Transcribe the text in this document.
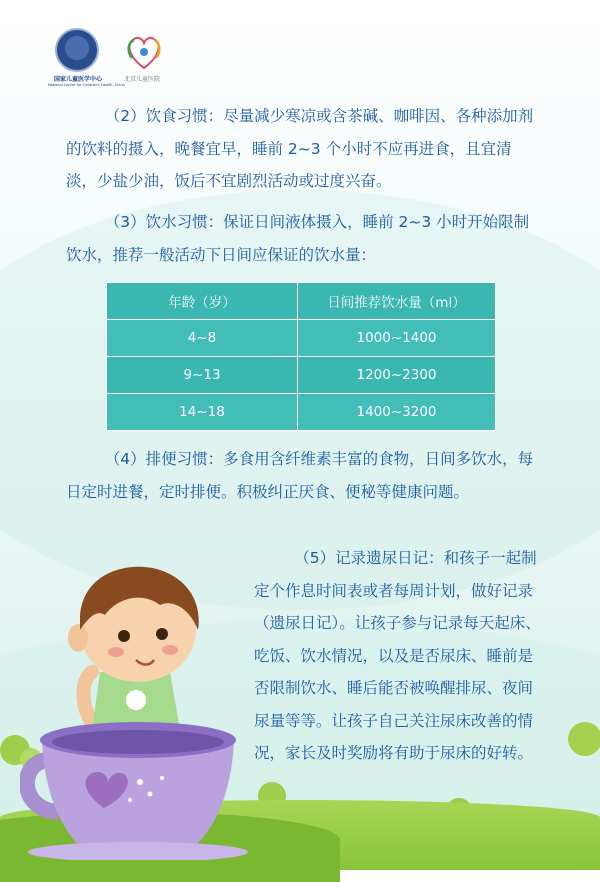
国家儿童医学中心
National Center for Children's Health, China
北京儿童医院

（2）饮食习惯：尽量减少寒凉或含茶碱、咖啡因、各种添加剂的饮料的摄入，晚餐宜早，睡前 2~3 个小时不应再进食，且宜清淡，少盐少油，饭后不宜剧烈活动或过度兴奋。

（3）饮水习惯：保证日间液体摄入，睡前 2~3 小时开始限制饮水，推荐一般活动下日间应保证的饮水量：

年龄（岁）	日间推荐饮水量（ml）
4~8	1000~1400
9~13	1200~2300
14~18	1400~3200

（4）排便习惯：多食用含纤维素丰富的食物，日间多饮水，每日定时进餐，定时排便。积极纠正厌食、便秘等健康问题。

（5）记录遗尿日记：和孩子一起制定个作息时间表或者每周计划，做好记录（遗尿日记）。让孩子参与记录每天起床、吃饭、饮水情况，以及是否尿床、睡前是否限制饮水、睡后能否被唤醒排尿、夜间尿量等等。让孩子自己关注尿床改善的情况，家长及时奖励将有助于尿床的好转。
